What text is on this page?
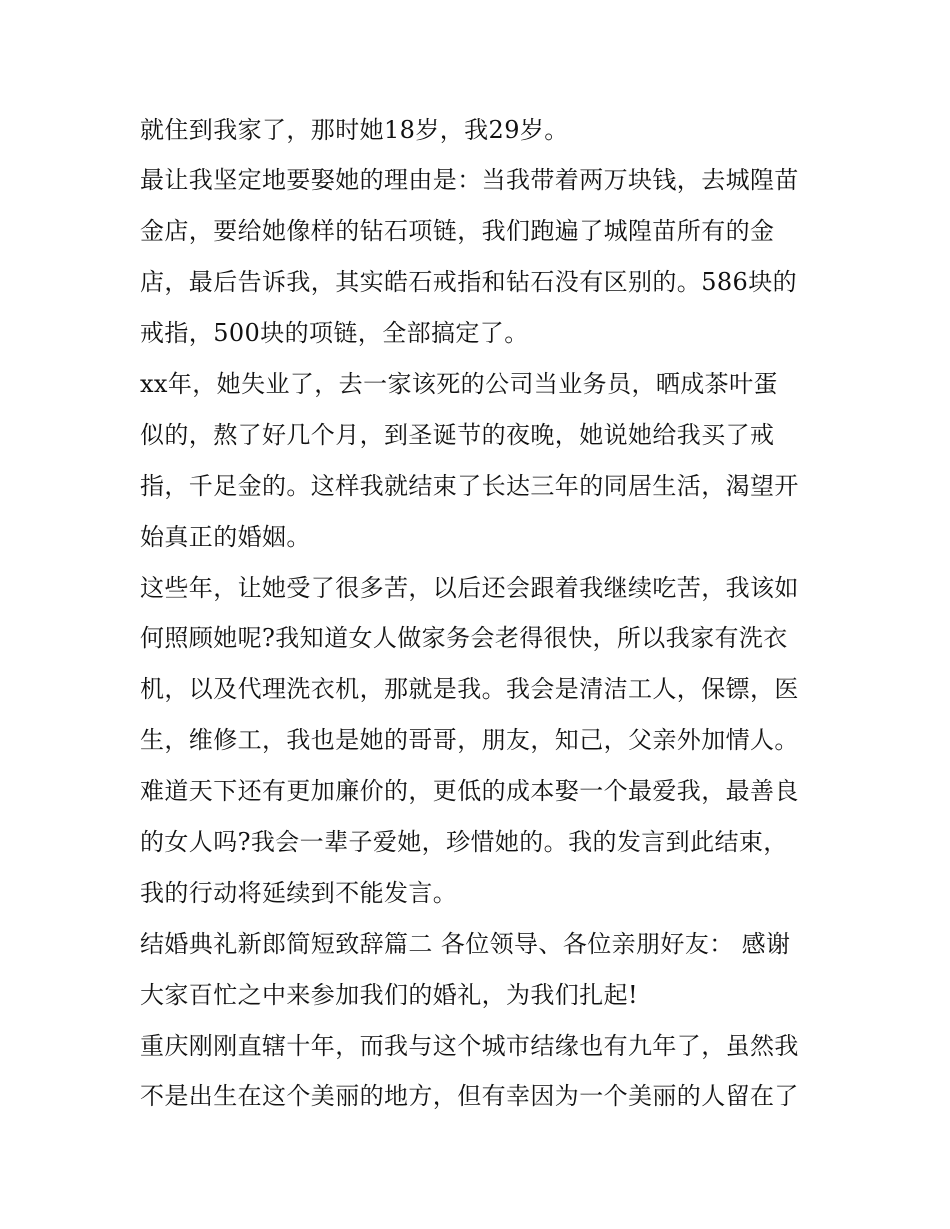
就住到我家了，那时她18岁，我29岁。
最让我坚定地要娶她的理由是：当我带着两万块钱，去城隍苗
金店，要给她像样的钻石项链，我们跑遍了城隍苗所有的金
店，最后告诉我，其实皓石戒指和钻石没有区别的。586块的
戒指，500块的项链，全部搞定了。
xx年，她失业了，去一家该死的公司当业务员，晒成茶叶蛋
似的，熬了好几个月，到圣诞节的夜晚，她说她给我买了戒
指，千足金的。这样我就结束了长达三年的同居生活，渴望开
始真正的婚姻。
这些年，让她受了很多苦，以后还会跟着我继续吃苦，我该如
何照顾她呢?我知道女人做家务会老得很快，所以我家有洗衣
机，以及代理洗衣机，那就是我。我会是清洁工人，保镖，医
生，维修工，我也是她的哥哥，朋友，知己，父亲外加情人。
难道天下还有更加廉价的，更低的成本娶一个最爱我，最善良
的女人吗?我会一辈子爱她，珍惜她的。我的发言到此结束，
我的行动将延续到不能发言。
结婚典礼新郎简短致辞篇二 各位领导、各位亲朋好友： 感谢
大家百忙之中来参加我们的婚礼，为我们扎起!
重庆刚刚直辖十年，而我与这个城市结缘也有九年了，虽然我
不是出生在这个美丽的地方，但有幸因为一个美丽的人留在了
